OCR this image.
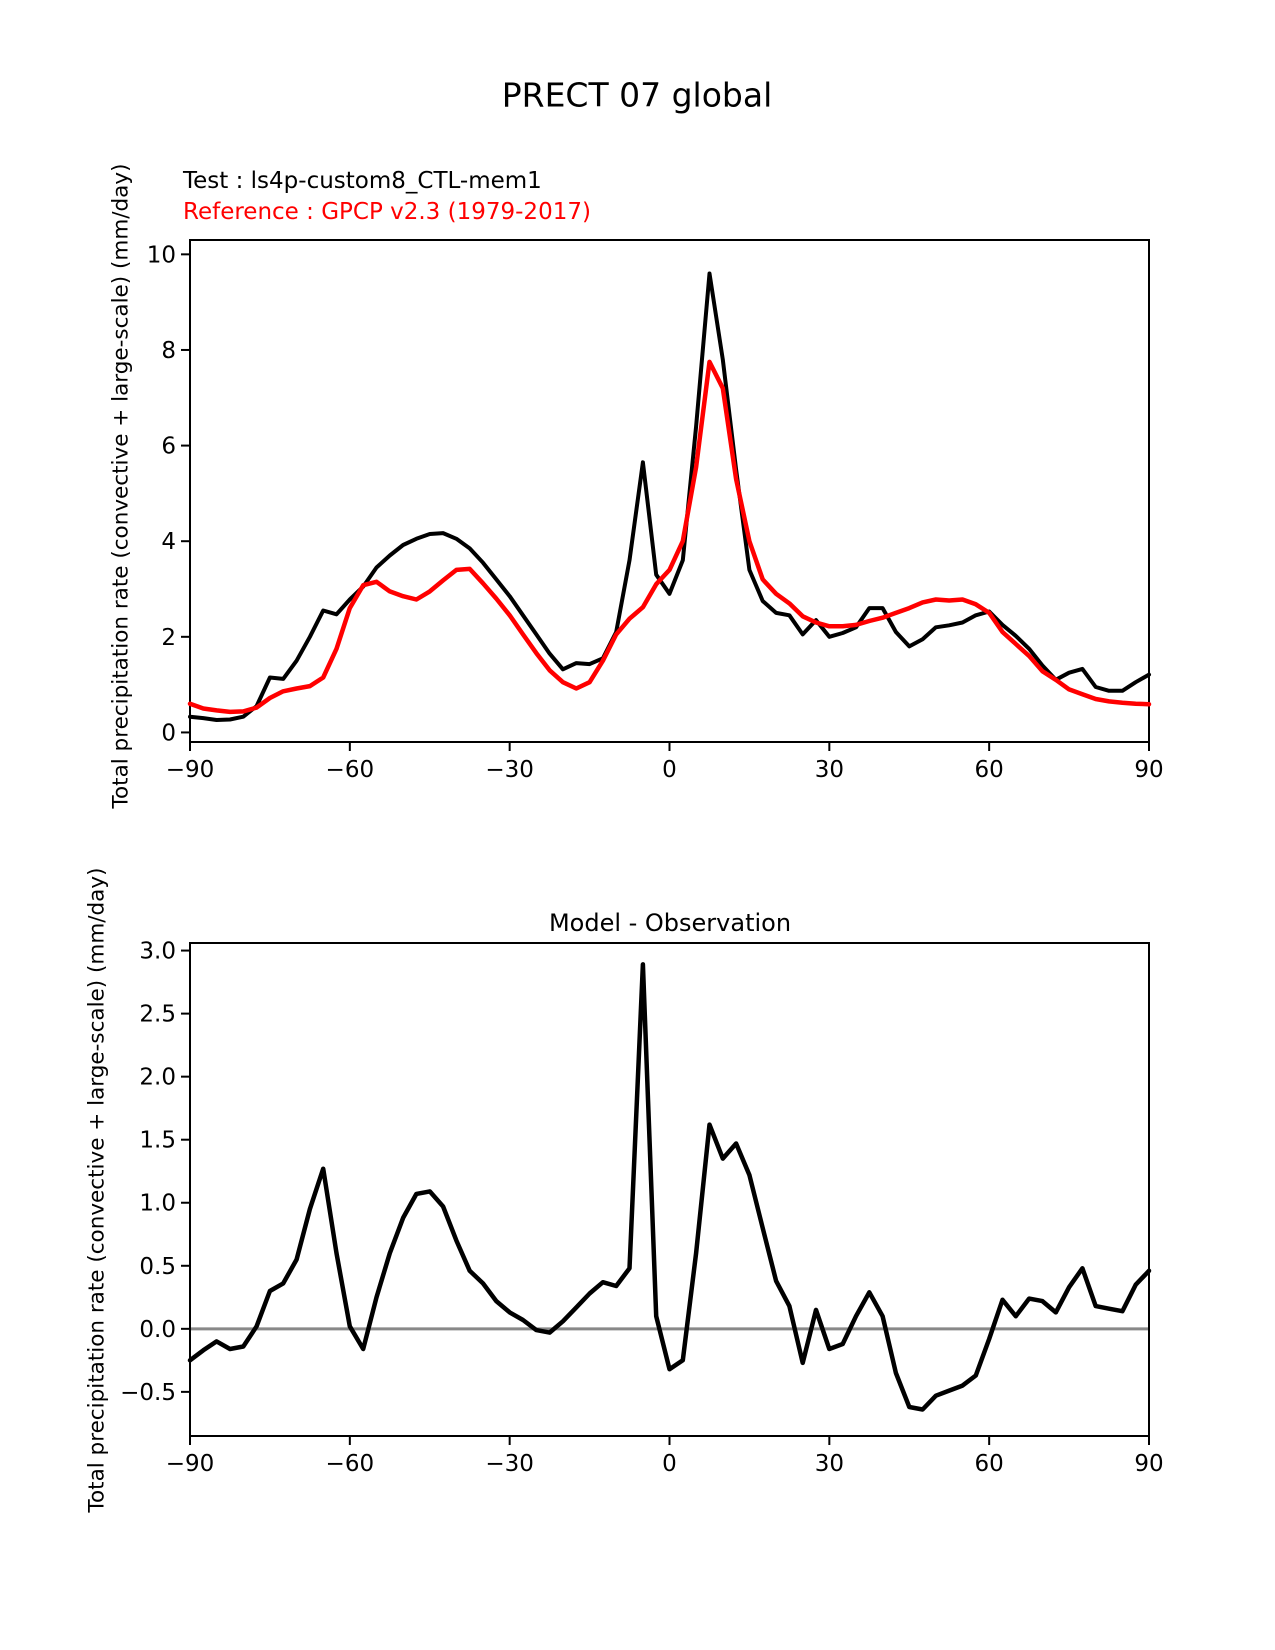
PRECT 07 global
Test : ls4p-custom8_CTL-mem1
Reference : GPCP v2.3 (1979-2017)
Total precipitation rate (convective + large-scale) (mm/day)
Total precipitation rate (convective + large-scale) (mm/day)	Model - Observation
−90	−60	−30	0	30	60	90
0
2
4
6
8
10
−90	−60	−30	0	30	60	90
3.0
2.5
2.0
1.5
1.0
0.5
0.0
−0.5
